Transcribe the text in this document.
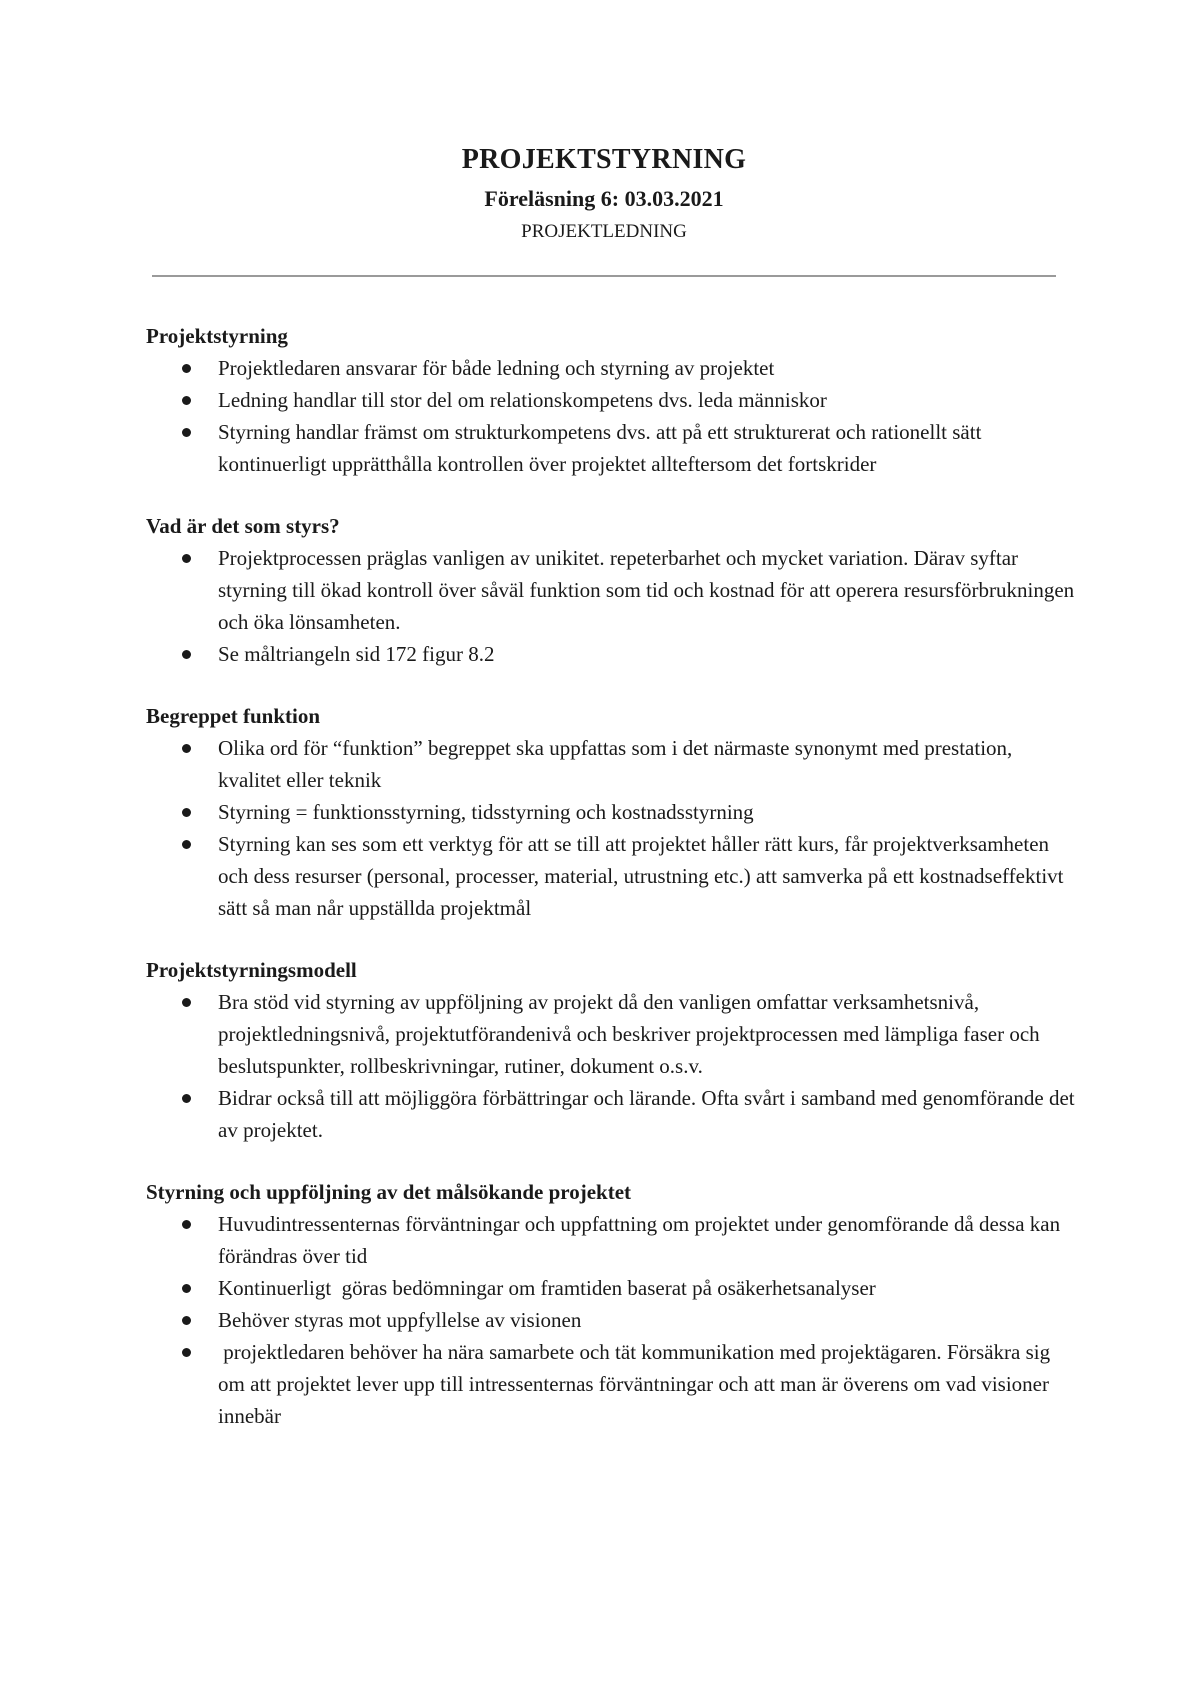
PROJEKTSTYRNING
Föreläsning 6: 03.03.2021
PROJEKTLEDNING
Projektstyrning
Projektledaren ansvarar för både ledning och styrning av projektet
Ledning handlar till stor del om relationskompetens dvs. leda människor
Styrning handlar främst om strukturkompetens dvs. att på ett strukturerat och rationellt sätt kontinuerligt upprätthålla kontrollen över projektet allteftersom det fortskrider
Vad är det som styrs?
Projektprocessen präglas vanligen av unikitet. repeterbarhet och mycket variation. Därav syftar styrning till ökad kontroll över såväl funktion som tid och kostnad för att operera resursförbrukningen och öka lönsamheten.
Se måltriangeln sid 172 figur 8.2
Begreppet funktion
Olika ord för “funktion” begreppet ska uppfattas som i det närmaste synonymt med prestation, kvalitet eller teknik
Styrning = funktionsstyrning, tidsstyrning och kostnadsstyrning
Styrning kan ses som ett verktyg för att se till att projektet håller rätt kurs, får projektverksamheten och dess resurser (personal, processer, material, utrustning etc.) att samverka på ett kostnadseffektivt sätt så man når uppställda projektmål
Projektstyrningsmodell
Bra stöd vid styrning av uppföljning av projekt då den vanligen omfattar verksamhetsnivå, projektledningsnivå, projektutförandenivå och beskriver projektprocessen med lämpliga faser och beslutspunkter, rollbeskrivningar, rutiner, dokument o.s.v.
Bidrar också till att möjliggöra förbättringar och lärande. Ofta svårt i samband med genomförande det av projektet.
Styrning och uppföljning av det målsökande projektet
Huvudintressenternas förväntningar och uppfattning om projektet under genomförande då dessa kan förändras över tid
Kontinuerligt  göras bedömningar om framtiden baserat på osäkerhetsanalyser
Behöver styras mot uppfyllelse av visionen
projektledaren behöver ha nära samarbete och tät kommunikation med projektägaren. Försäkra sig om att projektet lever upp till intressenternas förväntningar och att man är överens om vad visioner innebär
